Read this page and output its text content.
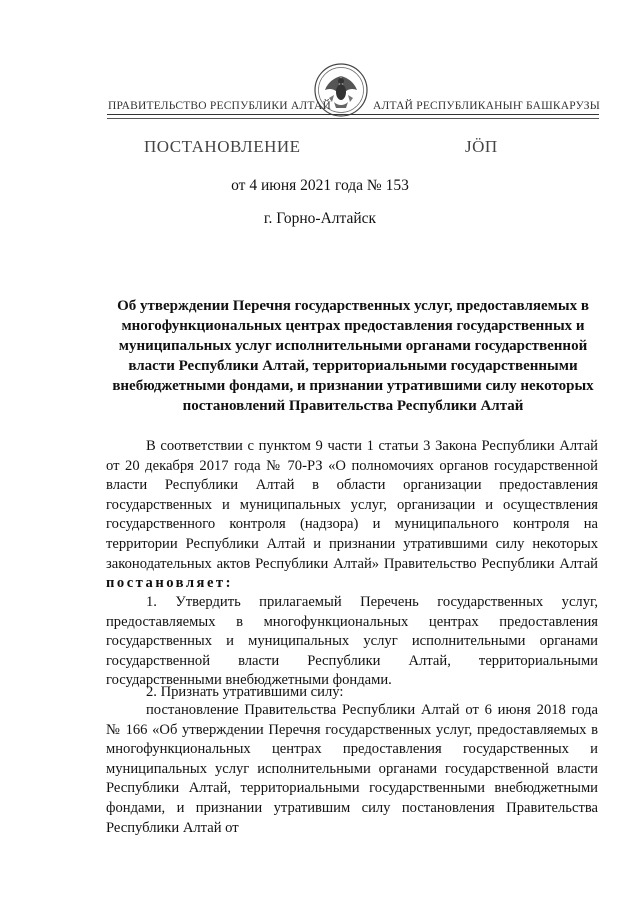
ПРАВИТЕЛЬСТВО РЕСПУБЛИКИ АЛТАЙ	АЛТАЙ РЕСПУБЛИКАНЫҤ БАШКАРУЗЫ
ПОСТАНОВЛЕНИЕ	JӦП
от 4 июня 2021 года № 153
г. Горно-Алтайск
Об утверждении Перечня государственных услуг, предоставляемых в многофункциональных центрах предоставления государственных и муниципальных услуг исполнительными органами государственной власти Республики Алтай, территориальными государственными внебюджетными фондами, и признании утратившими силу некоторых постановлений Правительства Республики Алтай
В соответствии с пунктом 9 части 1 статьи 3 Закона Республики Алтай от 20 декабря 2017 года № 70-РЗ «О полномочиях органов государственной власти Республики Алтай в области организации предоставления государственных и муниципальных услуг, организации и осуществления государственного контроля (надзора) и муниципального контроля на территории Республики Алтай и признании утратившими силу некоторых законодательных актов Республики Алтай» Правительство Республики Алтай постановляет:
1. Утвердить прилагаемый Перечень государственных услуг, предоставляемых в многофункциональных центрах предоставления государственных и муниципальных услуг исполнительными органами государственной власти Республики Алтай, территориальными государственными внебюджетными фондами.
2. Признать утратившими силу:
постановление Правительства Республики Алтай от 6 июня 2018 года № 166 «Об утверждении Перечня государственных услуг, предоставляемых в многофункциональных центрах предоставления государственных и муниципальных услуг исполнительными органами государственной власти Республики Алтай, территориальными государственными внебюджетными фондами, и признании утратившим силу постановления Правительства Республики Алтай от
